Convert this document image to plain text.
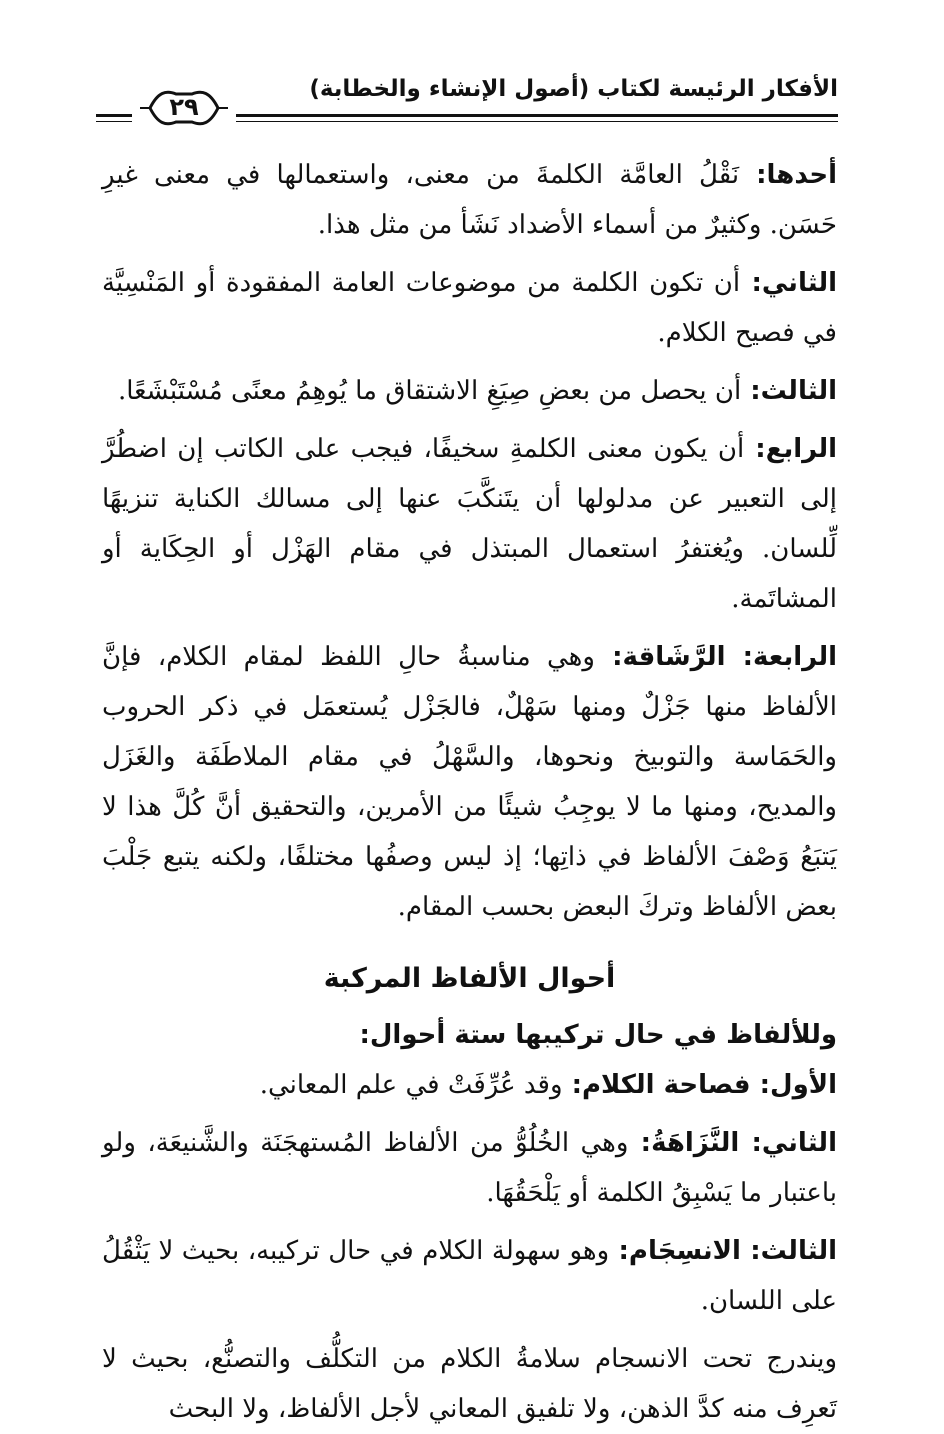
الأفكار الرئيسة لكتاب (أصول الإنشاء والخطابة)
٢٩

أحدها: نَقْلُ العامَّة الكلمةَ من معنى، واستعمالها في معنى غيرِ حَسَن. وكثيرٌ من أسماء الأضداد نَشَأ من مثل هذا.

الثاني: أن تكون الكلمة من موضوعات العامة المفقودة أو المَنْسِيَّة في فصيح الكلام.

الثالث: أن يحصل من بعضِ صِيَغِ الاشتقاق ما يُوهِمُ معنًى مُسْتَبْشَعًا.

الرابع: أن يكون معنى الكلمةِ سخيفًا، فيجب على الكاتب إن اضطُرَّ إلى التعبير عن مدلولها أن يتَنكَّبَ عنها إلى مسالك الكناية تنزيهًا لِّلسان. ويُغتفرُ استعمال المبتذل في مقام الهَزْل أو الحِكَاية أو المشاتَمة.

الرابعة: الرَّشَاقة: وهي مناسبةُ حالِ اللفظ لمقام الكلام، فإنَّ الألفاظ منها جَزْلٌ ومنها سَهْلٌ، فالجَزْل يُستعمَل في ذكر الحروب والحَمَاسة والتوبيخ ونحوها، والسَّهْلُ في مقام الملاطَفَة والغَزَل والمديح، ومنها ما لا يوجِبُ شيئًا من الأمرين، والتحقيق أنَّ كُلَّ هذا لا يَتبَعُ وَصْفَ الألفاظ في ذاتِها؛ إذ ليس وصفُها مختلفًا، ولكنه يتبع جَلْبَ بعض الألفاظ وتركَ البعض بحسب المقام.

أحوال الألفاظ المركبة

وللألفاظ في حال تركيبها ستة أحوال:

الأول: فصاحة الكلام: وقد عُرِّفَتْ في علم المعاني.

الثاني: النَّزَاهَةُ: وهي الخُلُوُّ من الألفاظ المُستهجَنَة والشَّنيعَة، ولو باعتبار ما يَسْبِقُ الكلمة أو يَلْحَقُهَا.

الثالث: الانسِجَام: وهو سهولة الكلام في حال تركيبه، بحيث لا يَثْقُلُ على اللسان.

ويندرج تحت الانسجام سلامةُ الكلام من التكلُّف والتصنُّع، بحيث لا تَعرِف منه كدَّ الذهن، ولا تلفيق المعاني لأجل الألفاظ، ولا البحث
